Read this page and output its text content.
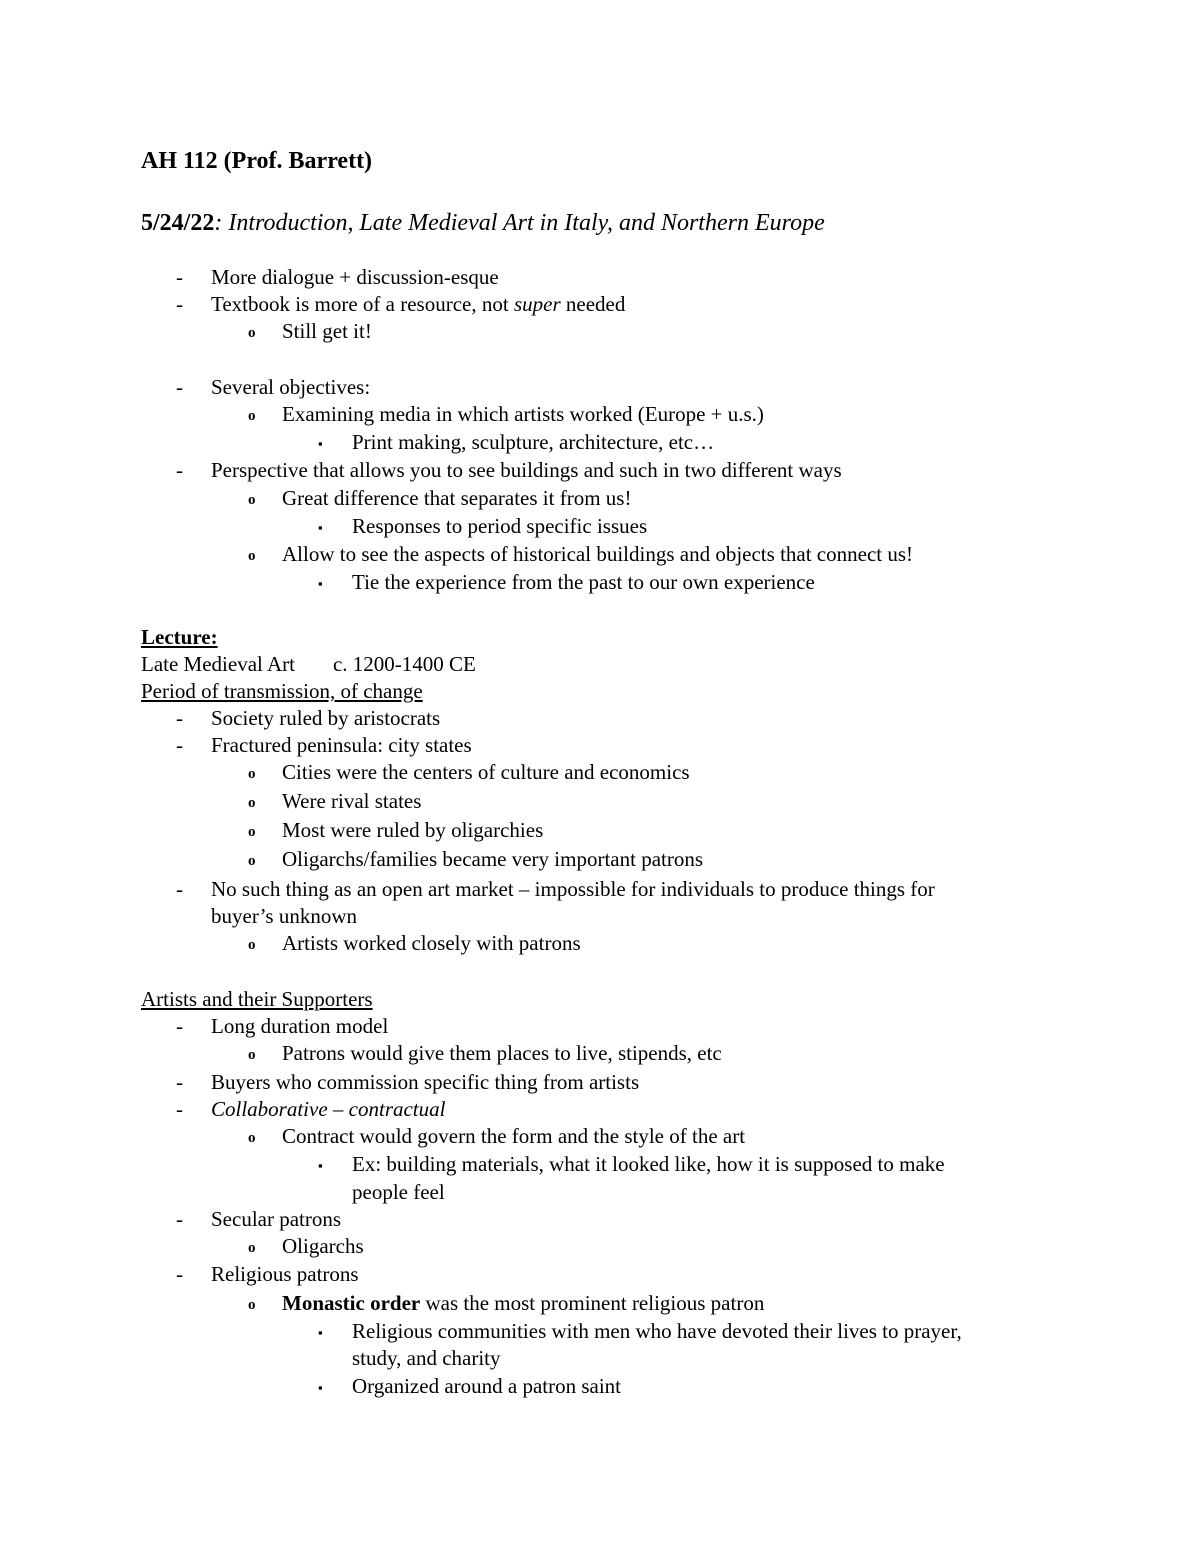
AH 112 (Prof. Barrett)
5/24/22: Introduction, Late Medieval Art in Italy, and Northern Europe
- More dialogue + discussion-esque
- Textbook is more of a resource, not super needed
o Still get it!
- Several objectives:
o Examining media in which artists worked (Europe + u.s.)
▪ Print making, sculpture, architecture, etc…
- Perspective that allows you to see buildings and such in two different ways
o Great difference that separates it from us!
▪ Responses to period specific issues
o Allow to see the aspects of historical buildings and objects that connect us!
▪ Tie the experience from the past to our own experience
Lecture:
Late Medieval Art c. 1200-1400 CE
Period of transmission, of change
- Society ruled by aristocrats
- Fractured peninsula: city states
o Cities were the centers of culture and economics
o Were rival states
o Most were ruled by oligarchies
o Oligarchs/families became very important patrons
- No such thing as an open art market – impossible for individuals to produce things for
buyer’s unknown
o Artists worked closely with patrons
Artists and their Supporters
- Long duration model
o Patrons would give them places to live, stipends, etc
- Buyers who commission specific thing from artists
- Collaborative – contractual
o Contract would govern the form and the style of the art
▪ Ex: building materials, what it looked like, how it is supposed to make
people feel
- Secular patrons
o Oligarchs
- Religious patrons
o Monastic order was the most prominent religious patron
▪ Religious communities with men who have devoted their lives to prayer,
study, and charity
▪ Organized around a patron saint
